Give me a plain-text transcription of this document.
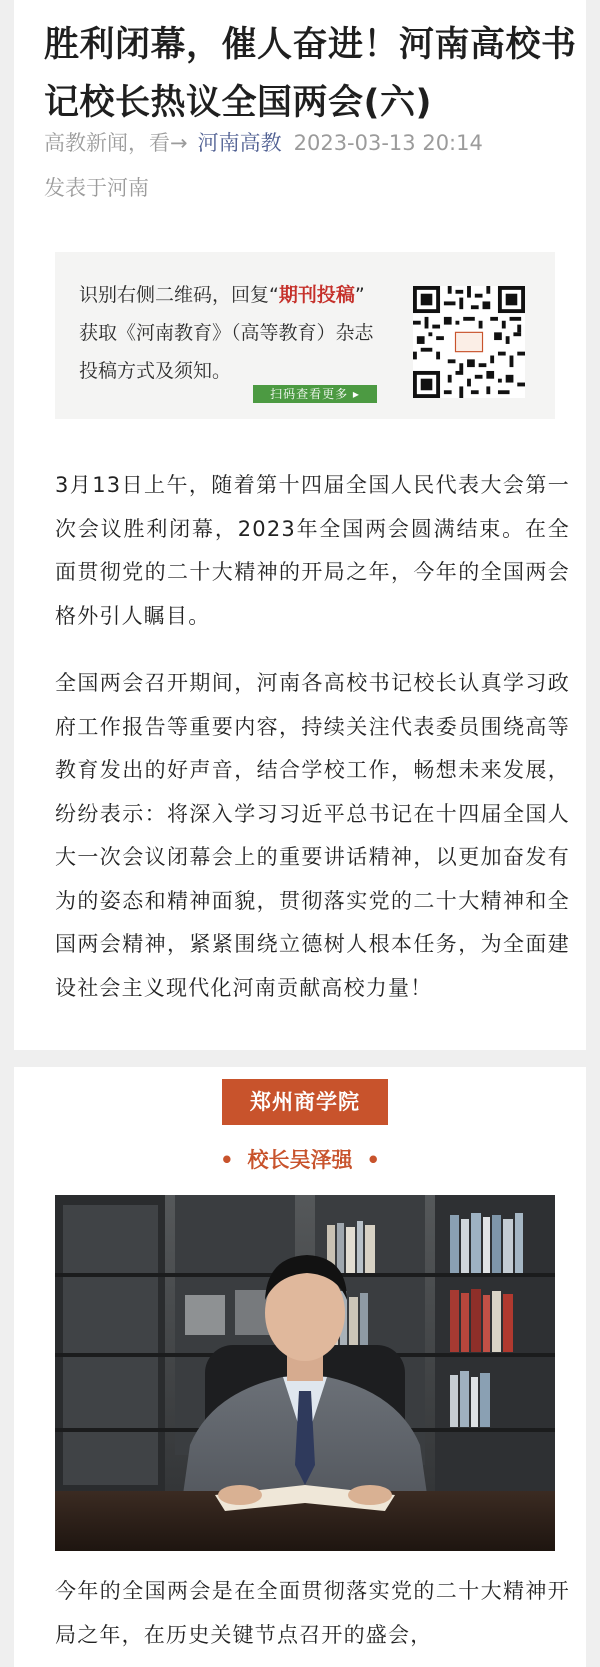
胜利闭幕，催人奋进！河南高校书记校长热议全国两会(六)
高教新闻，看→ 河南高教 2023-03-13 20:14
发表于河南
识别右侧二维码，回复“期刊投稿”
获取《河南教育》（高等教育）杂志
投稿方式及须知。
扫码查看更多 ▸
3月13日上午，随着第十四届全国人民代表大会第一次会议胜利闭幕，2023年全国两会圆满结束。在全面贯彻党的二十大精神的开局之年，今年的全国两会格外引人瞩目。
全国两会召开期间，河南各高校书记校长认真学习政府工作报告等重要内容，持续关注代表委员围绕高等教育发出的好声音，结合学校工作，畅想未来发展，纷纷表示：将深入学习习近平总书记在十四届全国人大一次会议闭幕会上的重要讲话精神，以更加奋发有为的姿态和精神面貌，贯彻落实党的二十大精神和全国两会精神，紧紧围绕立德树人根本任务，为全面建设社会主义现代化河南贡献高校力量！
郑州商学院
• 校长吴泽强 •
今年的全国两会是在全面贯彻落实党的二十大精神开局之年，在历史关键节点召开的盛会，
